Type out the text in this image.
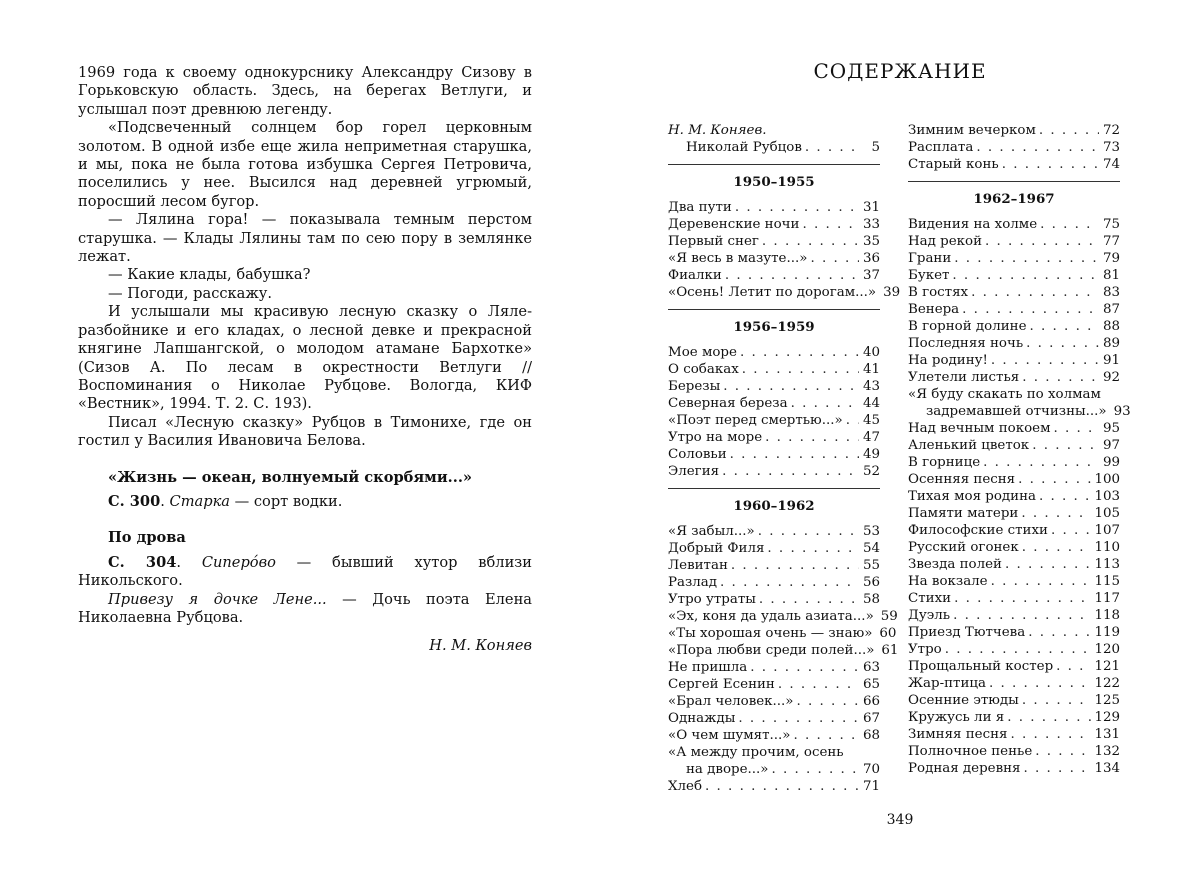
1969 года к своему однокурснику Александру Сизову в Горьковскую область. Здесь, на берегах Ветлуги, и услышал поэт древнюю легенду.

«Подсвеченный солнцем бор горел церковным золотом. В одной избе еще жила неприметная старушка, и мы, пока не была готова избушка Сергея Петровича, поселились у нее. Высился над деревней угрюмый, поросший лесом бугор.

— Лялина гора! — показывала темным перстом старушка. — Клады Лялины там по сею пору в землянке лежат.

— Какие клады, бабушка?

— Погоди, расскажу.

И услышали мы красивую лесную сказку о Ляле-разбойнике и его кладах, о лесной девке и прекрасной княгине Лапшангской, о молодом атамане Бархотке» (Сизов А. По лесам в окрестности Ветлуги // Воспоминания о Николае Рубцове. Вологда, КИФ «Вестник», 1994. Т. 2. С. 193).

Писал «Лесную сказку» Рубцов в Тимонихе, где он гостил у Василия Ивановича Белова.

«Жизнь — океан, волнуемый скорбями...»

С. 300. Старка — сорт водки.

По дрова

С. 304. Сиперóво — бывший хутор вблизи Никольского.

Привезу я дочке Лене... — Дочь поэта Елена Николаевна Рубцова.

Н. М. Коняев

СОДЕРЖАНИЕ
349
Н. М. Коняев.
Николай Рубцов . . .	5
1950–1955
Два пути . . .	31
Деревенские ночи . . .	33
Первый снег . . .	35
«Я весь в мазуте...» . . .	36
Фиалки . . .	37
«Осень! Летит по дорогам...» 39
1956–1959
Мое море . . .	40
О собаках . . .	41
Березы . . .	43
Северная береза . . .	44
«Поэт перед смертью...» . . . 45
Утро на море . . .	47
Соловьи . . .	49
Элегия . . .	52
1960–1962
«Я забыл...» . . .	53
Добрый Филя . . .	54
Левитан . . .	55
Разлад . . .	56
Утро утраты . . .	58
«Эх, коня да удаль азиата...» 59
«Ты хорошая очень — знаю» 60
«Пора любви среди полей...» 61
Не пришла . . .	63
Сергей Есенин . . .	65
«Брал человек...» . . .	66
Однажды . . .	67
«О чем шумят...» . . .	68
«А между прочим, осень
на дворе...» . . .	70
Хлеб . . .	71
Зимним вечерком . . .	72
Расплата . . .	73
Старый конь . . .	74
1962–1967
Видения на холме . . .	75
Над рекой . . .	77
Грани . . .	79
Букет . . .	81
В гостях . . .	83
Венера . . .	87
В горной долине . . .	88
Последняя ночь . . .	89
На родину! . . .	91
Улетели листья . . .	92
«Я буду скакать по холмам
задремавшей отчизны...» 93
Над вечным покоем . . .	95
Аленький цветок . . .	97
В горнице . . .	99
Осенняя песня . . .	100
Тихая моя родина . . .	103
Памяти матери . . .	105
Философские стихи . . .	107
Русский огонек . . .	110
Звезда полей . . .	113
На вокзале . . .	115
Стихи . . .	117
Дуэль . . .	118
Приезд Тютчева . . .	119
Утро . . .	120
Прощальный костер . . .	121
Жар-птица . . .	122
Осенние этюды . . .	125
Кружусь ли я . . .	129
Зимняя песня . . .	131
Полночное пенье . . .	132
Родная деревня . . .	134
